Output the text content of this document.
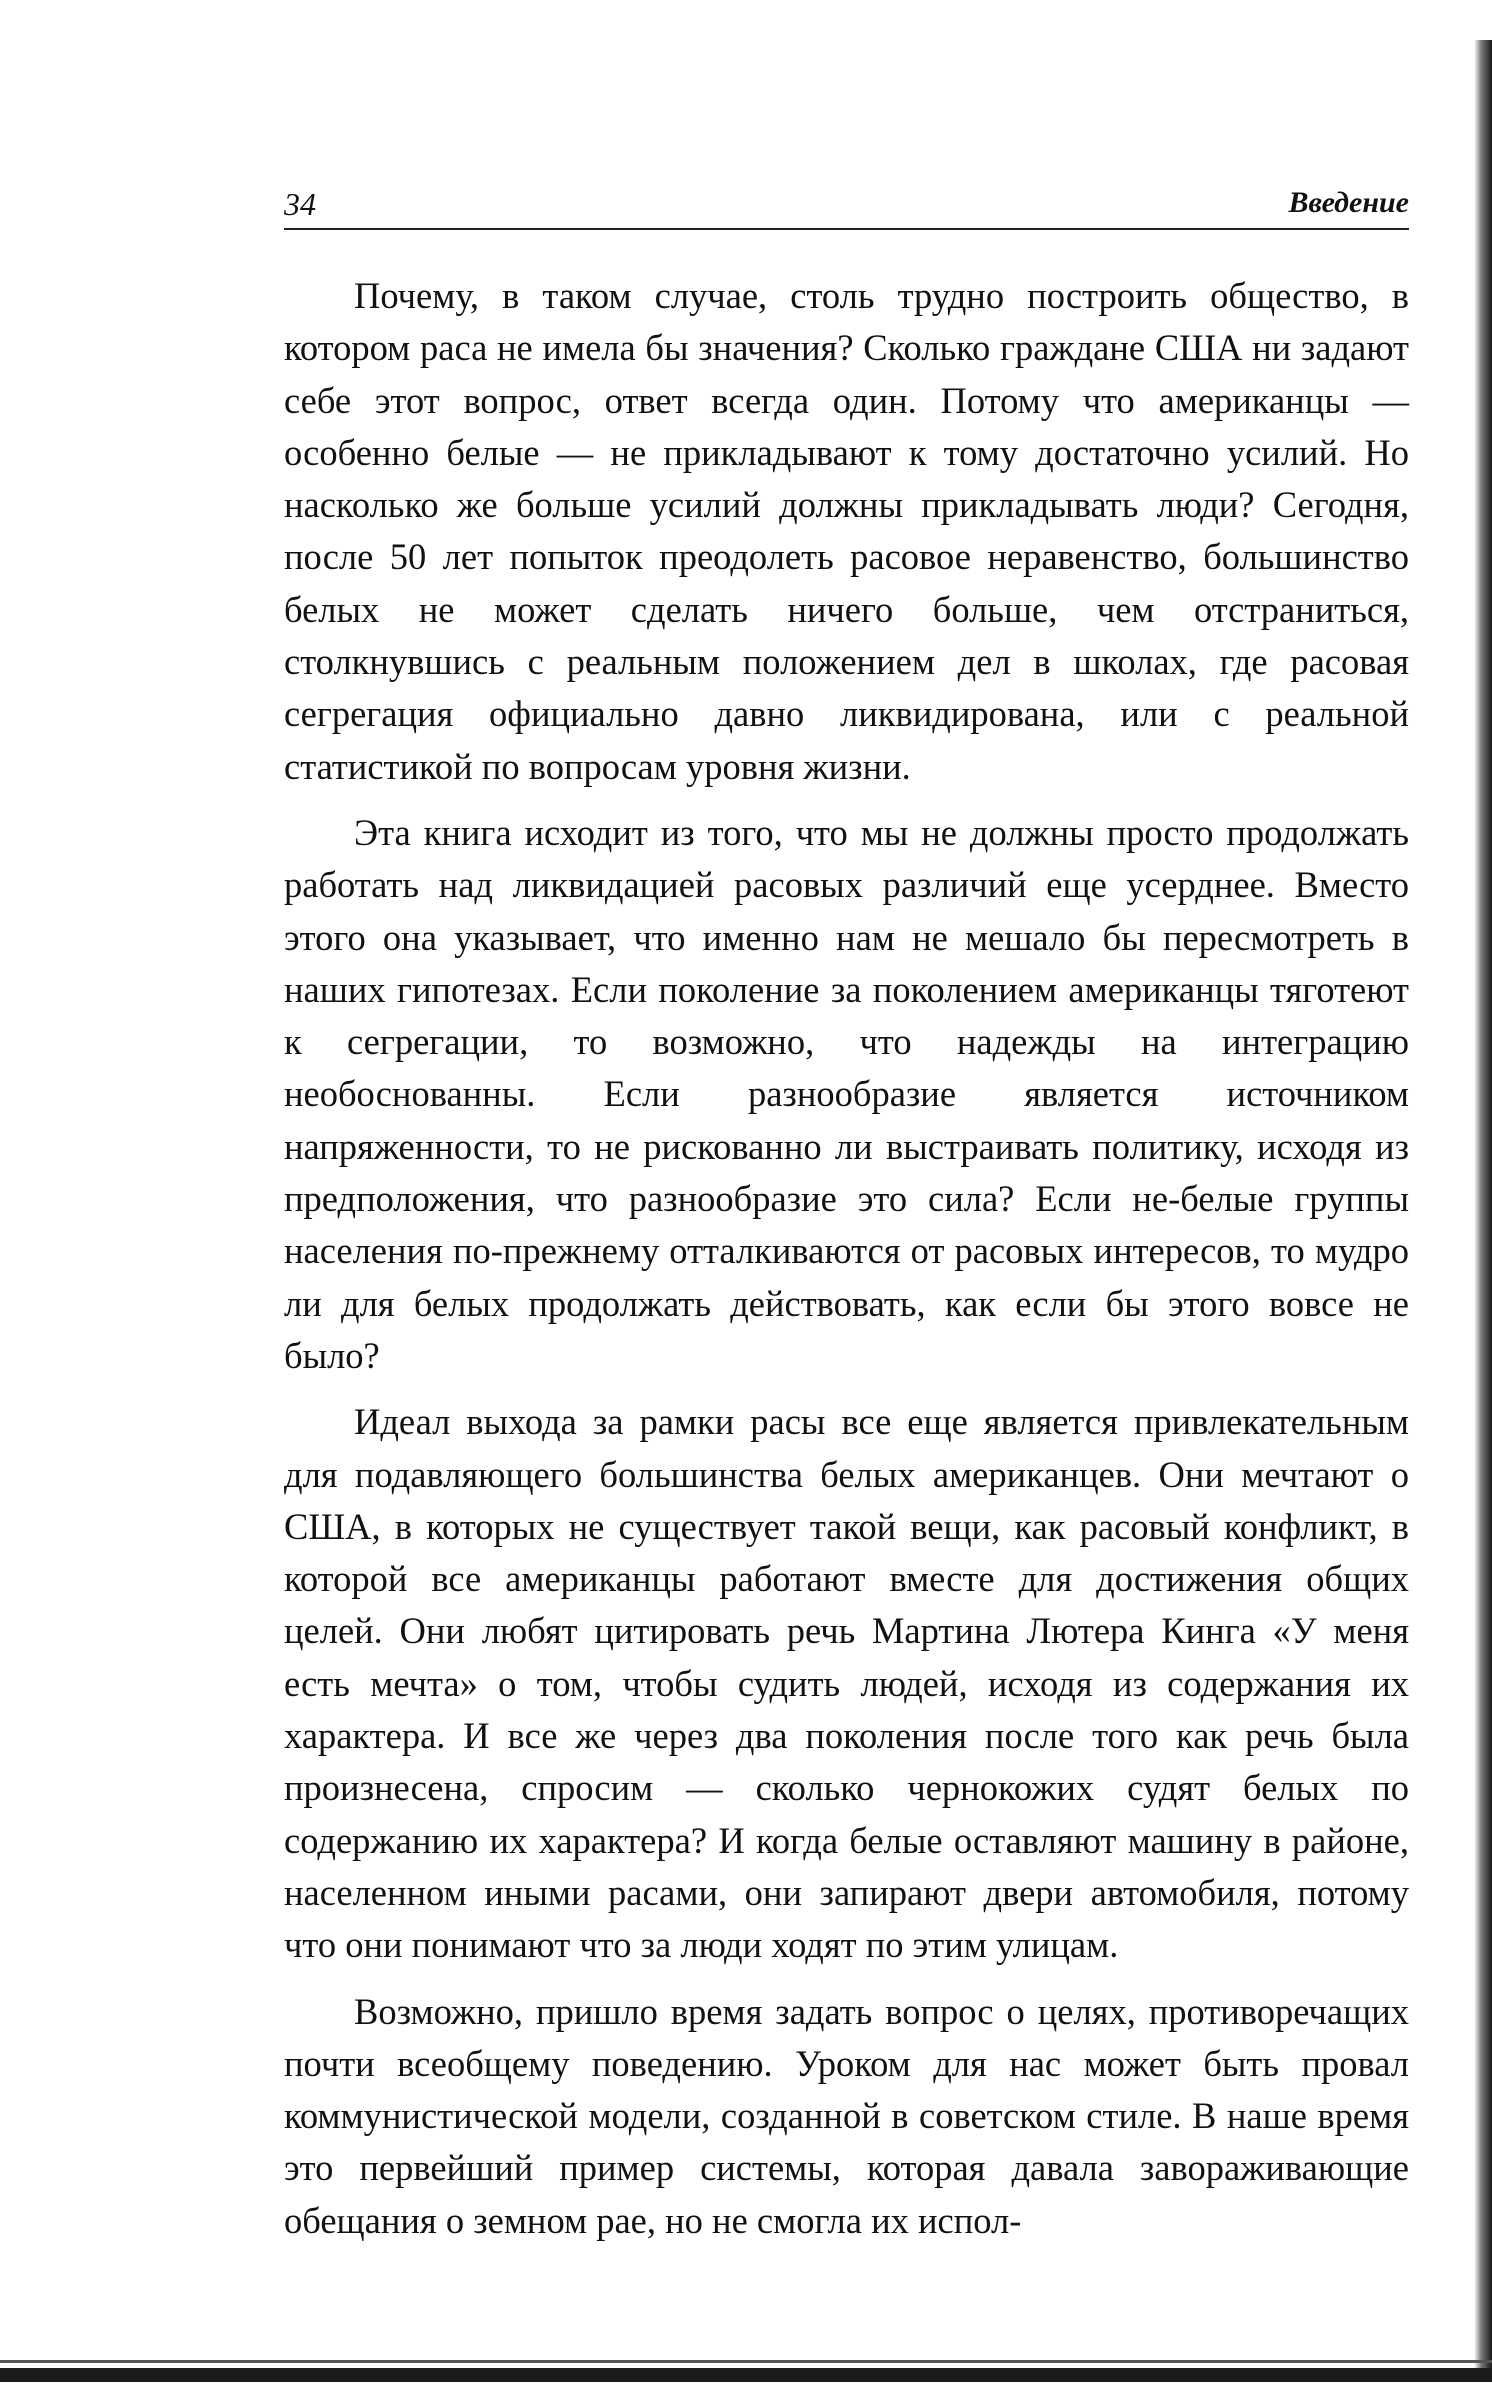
34	Введение

Почему, в таком случае, столь трудно построить общество, в котором раса не имела бы значения? Сколько граждане США ни задают себе этот вопрос, ответ всегда один. Потому что американцы — особенно белые — не прикладывают к тому достаточно усилий. Но насколько же больше усилий должны прикладывать люди? Сегодня, после 50 лет попыток преодолеть расовое неравенство, большинство белых не может сделать ничего больше, чем отстраниться, столкнувшись с реальным положением дел в школах, где расовая сегрегация официально давно ликвидирована, или с реальной статистикой по вопросам уровня жизни.

Эта книга исходит из того, что мы не должны просто продолжать работать над ликвидацией расовых различий еще усерднее. Вместо этого она указывает, что именно нам не мешало бы пересмотреть в наших гипотезах. Если поколение за поколением американцы тяготеют к сегрегации, то возможно, что надежды на интеграцию необоснованны. Если разнообразие является источником напряженности, то не рискованно ли выстраивать политику, исходя из предположения, что разнообразие это сила? Если не-белые группы населения по-прежнему отталкиваются от расовых интересов, то мудро ли для белых продолжать действовать, как если бы этого вовсе не было?

Идеал выхода за рамки расы все еще является привлекательным для подавляющего большинства белых американцев. Они мечтают о США, в которых не существует такой вещи, как расовый конфликт, в которой все американцы работают вместе для достижения общих целей. Они любят цитировать речь Мартина Лютера Кинга «У меня есть мечта» о том, чтобы судить людей, исходя из содержания их характера. И все же через два поколения после того как речь была произнесена, спросим — сколько чернокожих судят белых по содержанию их характера? И когда белые оставляют машину в районе, населенном иными расами, они запирают двери автомобиля, потому что они понимают что за люди ходят по этим улицам.

Возможно, пришло время задать вопрос о целях, противоречащих почти всеобщему поведению. Уроком для нас может быть провал коммунистической модели, созданной в советском стиле. В наше время это первейший пример системы, которая давала завораживающие обещания о земном рае, но не смогла их испол-
